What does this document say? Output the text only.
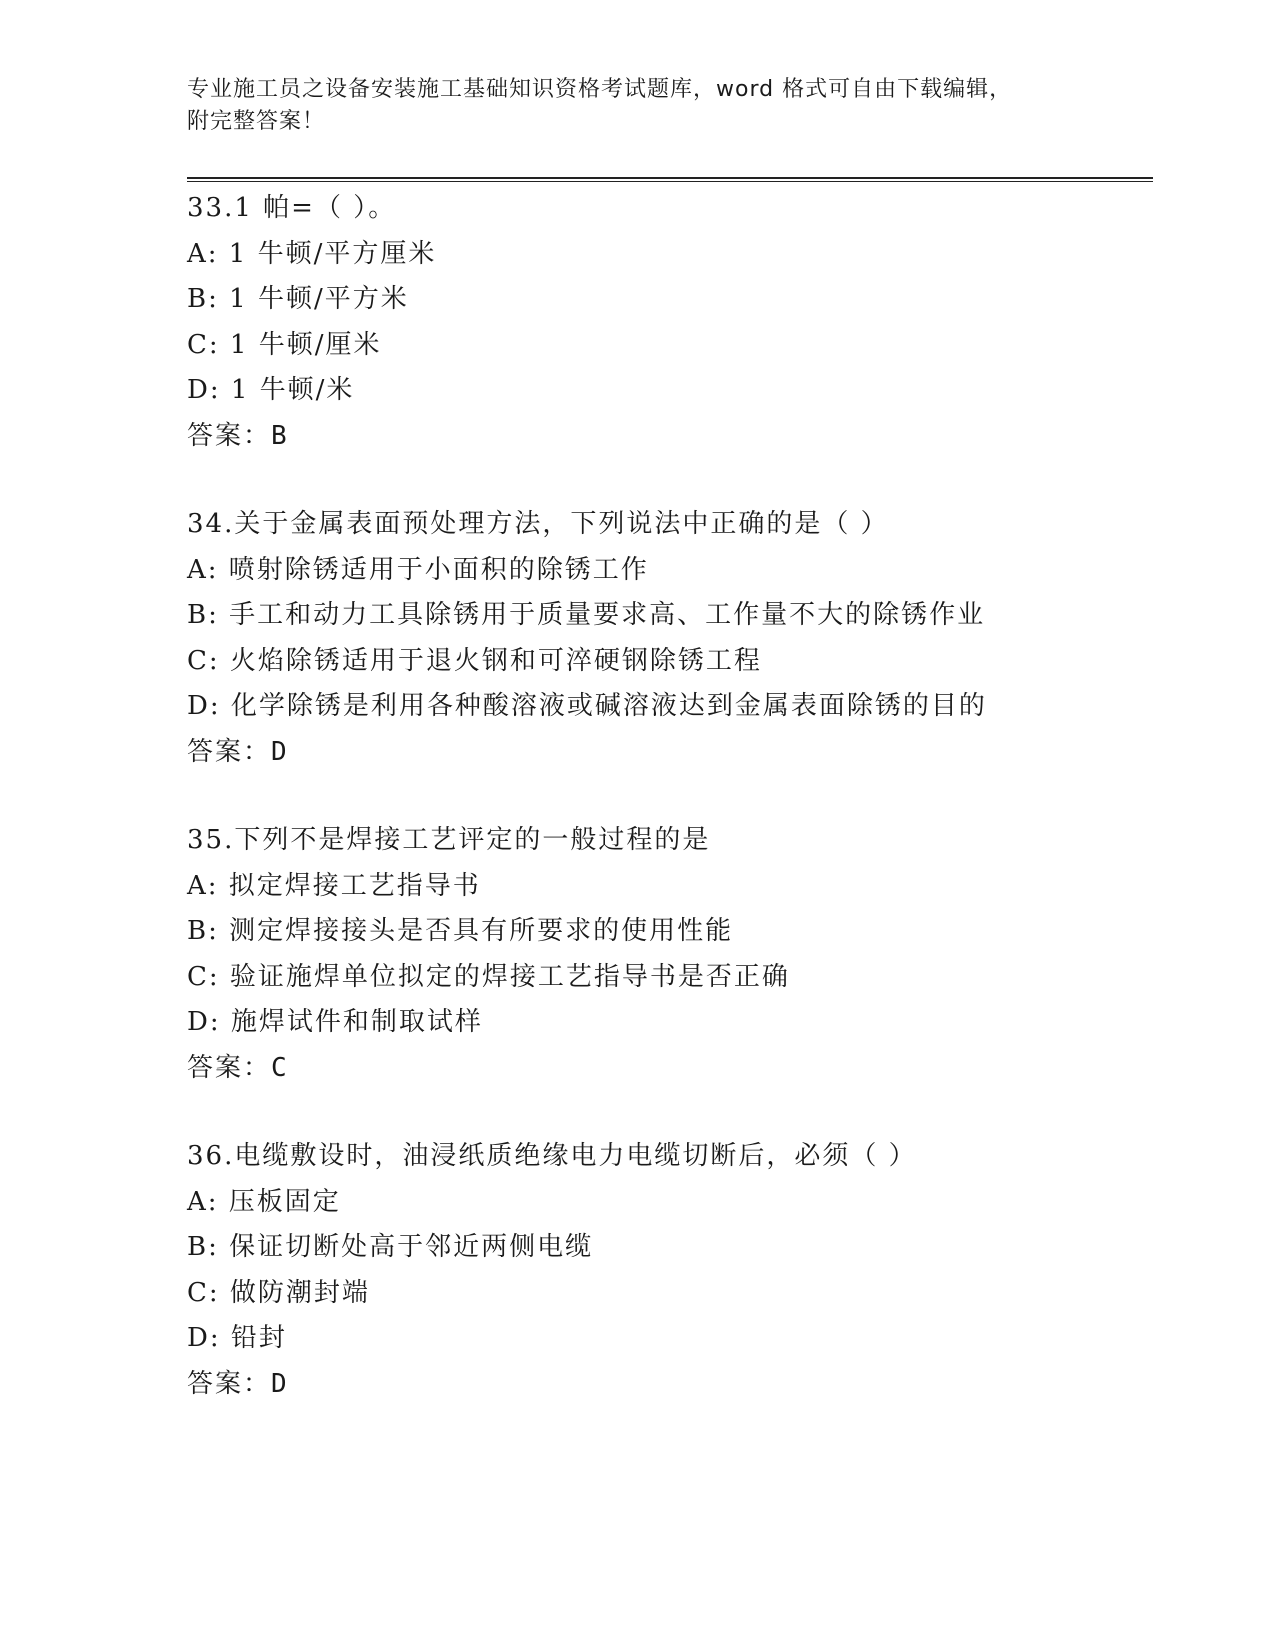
专业施工员之设备安装施工基础知识资格考试题库，word 格式可自由下载编辑，
附完整答案！
33.1 帕=（ ）。
A: 1 牛顿/平方厘米
B: 1 牛顿/平方米
C: 1 牛顿/厘米
D: 1 牛顿/米
答案：B
34.关于金属表面预处理方法，下列说法中正确的是（ ）
A: 喷射除锈适用于小面积的除锈工作
B: 手工和动力工具除锈用于质量要求高、工作量不大的除锈作业
C: 火焰除锈适用于退火钢和可淬硬钢除锈工程
D: 化学除锈是利用各种酸溶液或碱溶液达到金属表面除锈的目的
答案：D
35.下列不是焊接工艺评定的一般过程的是
A: 拟定焊接工艺指导书
B: 测定焊接接头是否具有所要求的使用性能
C: 验证施焊单位拟定的焊接工艺指导书是否正确
D: 施焊试件和制取试样
答案：C
36.电缆敷设时，油浸纸质绝缘电力电缆切断后，必须（ ）
A: 压板固定
B: 保证切断处高于邻近两侧电缆
C: 做防潮封端
D: 铅封
答案：D
